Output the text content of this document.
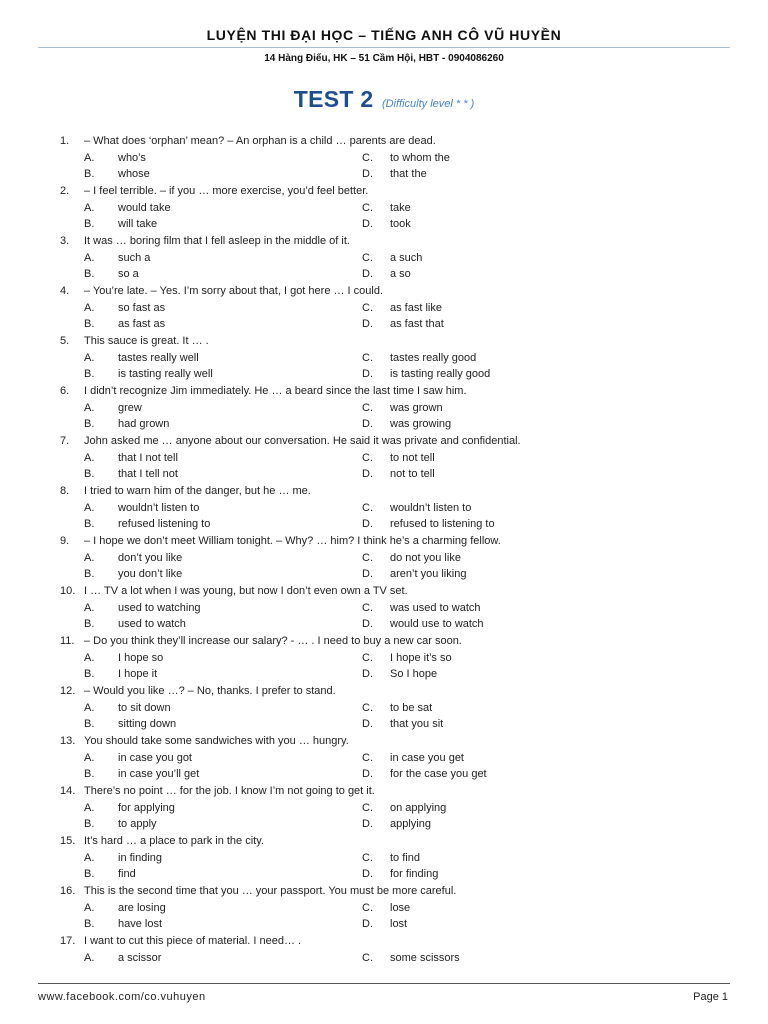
LUYỆN THI ĐẠI HỌC – TIẾNG ANH CÔ VŨ HUYỀN
14 Hàng Điếu, HK – 51 Cầm Hội, HBT - 0904086260
TEST 2 (Difficulty level * * )
1. – What does ‘orphan’ mean? – An orphan is a child … parents are dead.
A. who’s	C. to whom the
B. whose	D. that the
2. – I feel terrible. – if you … more exercise, you’d feel better.
A. would take	C. take
B. will take	D. took
3. It was … boring film that I fell asleep in the middle of it.
A. such a	C. a such
B. so a	D. a so
4. – You’re late. – Yes. I’m sorry about that, I got here … I could.
A. so fast as	C. as fast like
B. as fast as	D. as fast that
5. This sauce is great. It … .
A. tastes really well	C. tastes really good
B. is tasting really well	D. is tasting really good
6. I didn’t recognize Jim immediately. He … a beard since the last time I saw him.
A. grew	C. was grown
B. had grown	D. was growing
7. John asked me … anyone about our conversation. He said it was private and confidential.
A. that I not tell	C. to not tell
B. that I tell not	D. not to tell
8. I tried to warn him of the danger, but he … me.
A. wouldn’t listen to	C. wouldn’t listen to
B. refused listening to	D. refused to listening to
9. – I hope we don’t meet William tonight. – Why? … him? I think he’s a charming fellow.
A. don’t you like	C. do not you like
B. you don’t like	D. aren’t you liking
10. I … TV a lot when I was young, but now I don’t even own a TV set.
A. used to watching	C. was used to watch
B. used to watch	D. would use to watch
11. – Do you think they’ll increase our salary? - … . I need to buy a new car soon.
A. I hope so	C. I hope it’s so
B. I hope it	D. So I hope
12. – Would you like …? – No, thanks. I prefer to stand.
A. to sit down	C. to be sat
B. sitting down	D. that you sit
13. You should take some sandwiches with you … hungry.
A. in case you got	C. in case you get
B. in case you’ll get	D. for the case you get
14. There’s no point … for the job. I know I’m not going to get it.
A. for applying	C. on applying
B. to apply	D. applying
15. It’s hard … a place to park in the city.
A. in finding	C. to find
B. find	D. for finding
16. This is the second time that you … your passport. You must be more careful.
A. are losing	C. lose
B. have lost	D. lost
17. I want to cut this piece of material. I need… .
A. a scissor	C. some scissors
www.facebook.com/co.vuhuyen	Page 1
